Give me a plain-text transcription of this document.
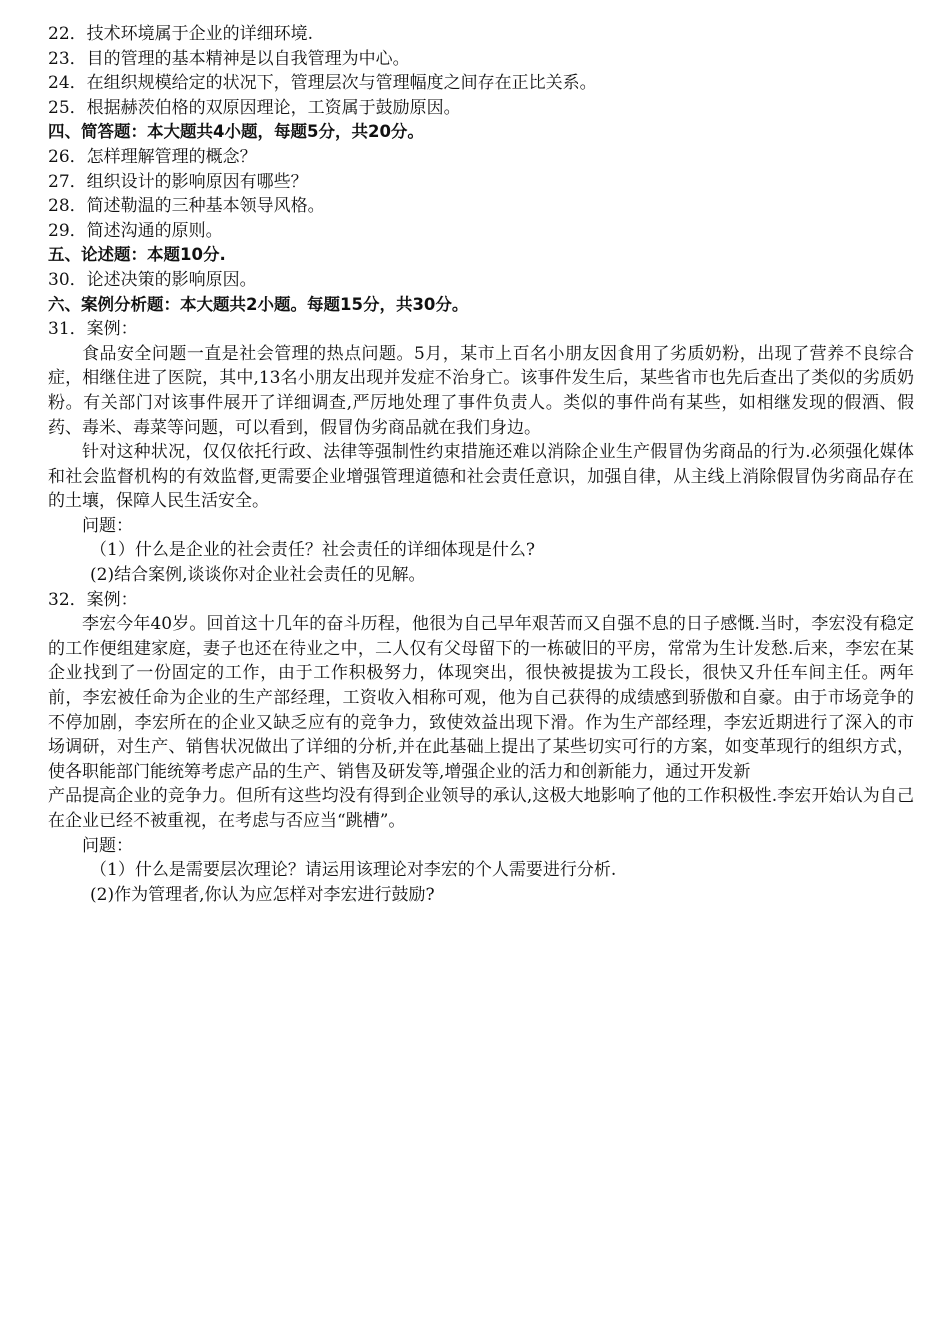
22．技术环境属于企业的详细环境.
23．目的管理的基本精神是以自我管理为中心。
24．在组织规模给定的状况下，管理层次与管理幅度之间存在正比关系。
25．根据赫茨伯格的双原因理论，工资属于鼓励原因。
四、简答题：本大题共4小题，每题5分，共20分。
26．怎样理解管理的概念？
27．组织设计的影响原因有哪些？
28．简述勒温的三种基本领导风格。
29．简述沟通的原则。
五、论述题：本题10分.
30．论述决策的影响原因。
六、案例分析题：本大题共2小题。每题15分，共30分。
31．案例：
食品安全问题一直是社会管理的热点问题。5月，某市上百名小朋友因食用了劣质奶粉，出现了营养不良综合症，相继住进了医院，其中,13名小朋友出现并发症不治身亡。该事件发生后，某些省市也先后查出了类似的劣质奶粉。有关部门对该事件展开了详细调查,严厉地处理了事件负责人。类似的事件尚有某些，如相继发现的假酒、假药、毒米、毒菜等问题，可以看到，假冒伪劣商品就在我们身边。
针对这种状况，仅仅依托行政、法律等强制性约束措施还难以消除企业生产假冒伪劣商品的行为.必须强化媒体和社会监督机构的有效监督,更需要企业增强管理道德和社会责任意识，加强自律，从主线上消除假冒伪劣商品存在的土壤，保障人民生活安全。
问题：
（1）什么是企业的社会责任？社会责任的详细体现是什么?
(2)结合案例,谈谈你对企业社会责任的见解。
32．案例：
李宏今年40岁。回首这十几年的奋斗历程，他很为自己早年艰苦而又自强不息的日子感慨.当时，李宏没有稳定的工作便组建家庭，妻子也还在待业之中，二人仅有父母留下的一栋破旧的平房，常常为生计发愁.后来，李宏在某企业找到了一份固定的工作，由于工作积极努力，体现突出，很快被提拔为工段长，很快又升任车间主任。两年前，李宏被任命为企业的生产部经理，工资收入相称可观，他为自己获得的成绩感到骄傲和自豪。由于市场竞争的不停加剧，李宏所在的企业又缺乏应有的竞争力，致使效益出现下滑。作为生产部经理，李宏近期进行了深入的市场调研，对生产、销售状况做出了详细的分析,并在此基础上提出了某些切实可行的方案，如变革现行的组织方式，使各职能部门能统筹考虑产品的生产、销售及研发等,增强企业的活力和创新能力，通过开发新
产品提高企业的竞争力。但所有这些均没有得到企业领导的承认,这极大地影响了他的工作积极性.李宏开始认为自己在企业已经不被重视，在考虑与否应当“跳槽”。
问题：
（1）什么是需要层次理论？请运用该理论对李宏的个人需要进行分析.
(2)作为管理者,你认为应怎样对李宏进行鼓励?
